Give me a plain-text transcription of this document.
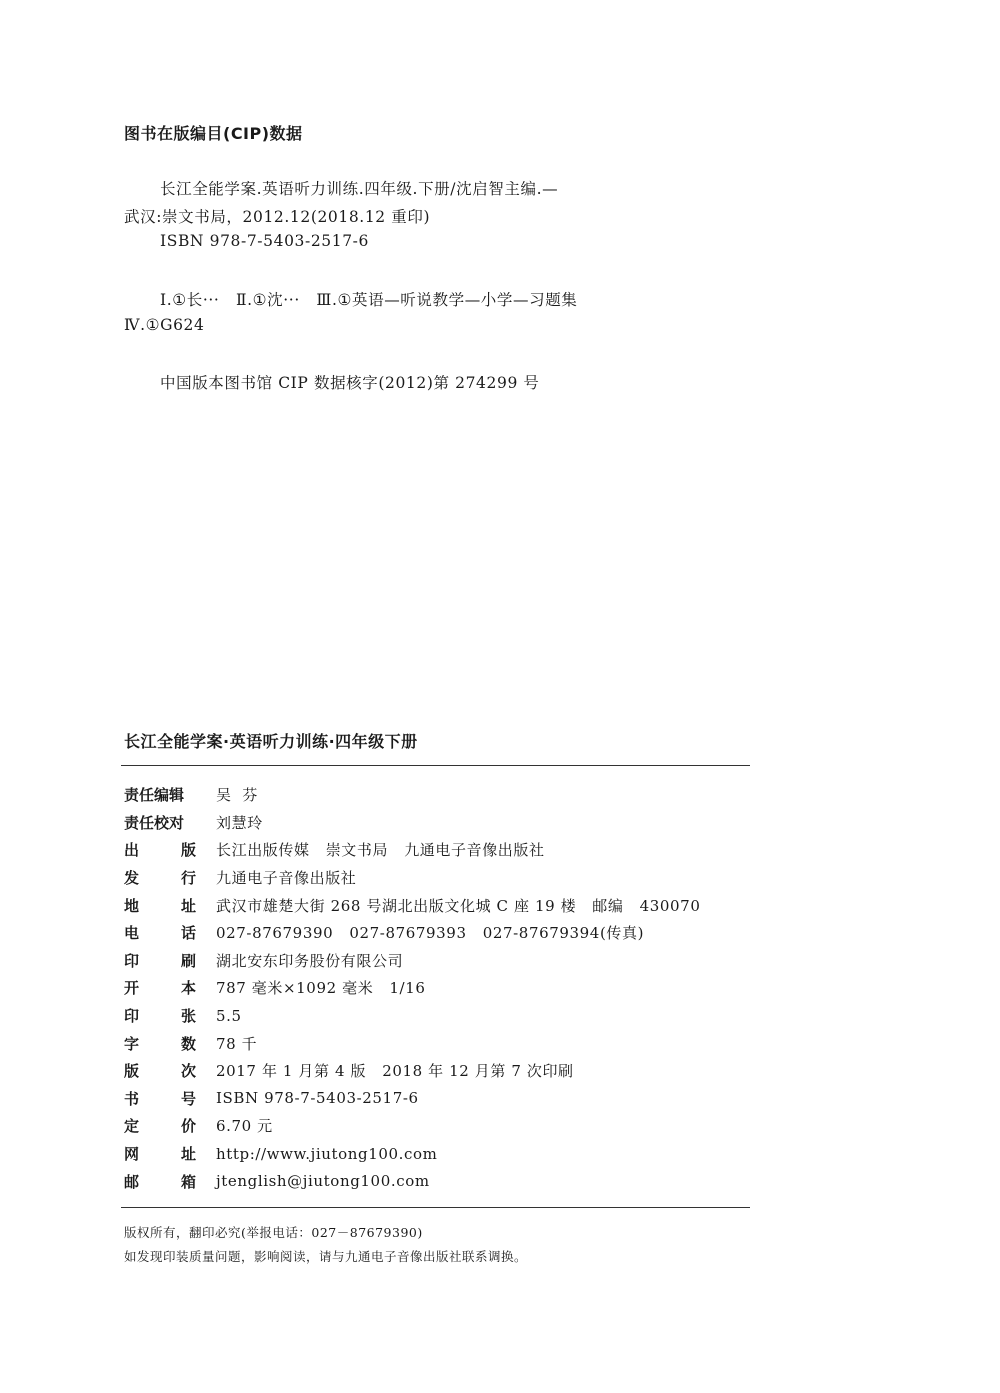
图书在版编目(CIP)数据
长江全能学案.英语听力训练.四年级.下册/沈启智主编.—
武汉:崇文书局，2012.12(2018.12 重印)
ISBN 978-7-5403-2517-6
Ⅰ.①长···   Ⅱ.①沈···   Ⅲ.①英语—听说教学—小学—习题集
Ⅳ.①G624
中国版本图书馆 CIP 数据核字(2012)第 274299 号
长江全能学案·英语听力训练·四年级下册
责任编辑	吴  芬
责任校对	刘慧玲
出	版 长江出版传媒   崇文书局   九通电子音像出版社
发	行 九通电子音像出版社
地	址 武汉市雄楚大街 268 号湖北出版文化城 C 座 19 楼   邮编   430070
电	话 027-87679390   027-87679393   027-87679394(传真)
印	刷 湖北安东印务股份有限公司
开	本 787 毫米×1092 毫米   1/16
印	张 5.5
字	数 78 千
版	次 2017 年 1 月第 4 版   2018 年 12 月第 7 次印刷
书	号 ISBN 978-7-5403-2517-6
定	价 6.70 元
网	址 http://www.jiutong100.com
邮	箱 jtenglish@jiutong100.com
版权所有，翻印必究(举报电话：027－87679390)
如发现印装质量问题，影响阅读，请与九通电子音像出版社联系调换。
